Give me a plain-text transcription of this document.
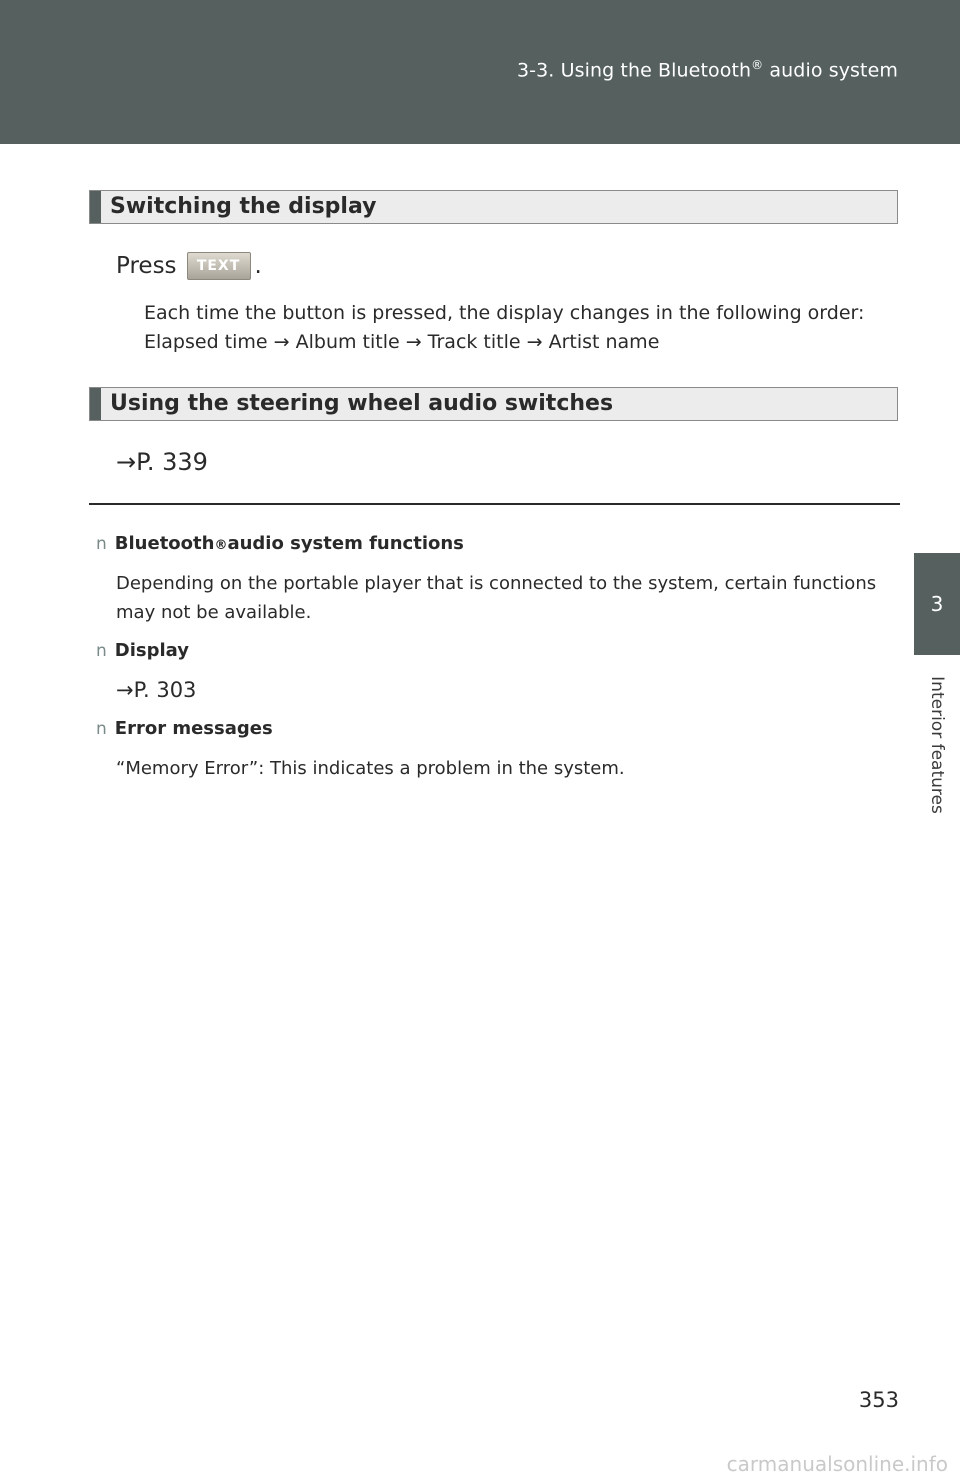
3-3. Using the Bluetooth® audio system
3
Interior features
Switching the display
Press	TEXT .
Each time the button is pressed, the display changes in the following order:
Elapsed time → Album title → Track title → Artist name
Using the steering wheel audio switches
→P. 339
n Bluetooth ® audio system functions
Depending on the portable player that is connected to the system, certain functions
may not be available.
n Display
→P. 303
n Error messages
“Memory Error”: This indicates a problem in the system.
353
carmanualsonline.info
